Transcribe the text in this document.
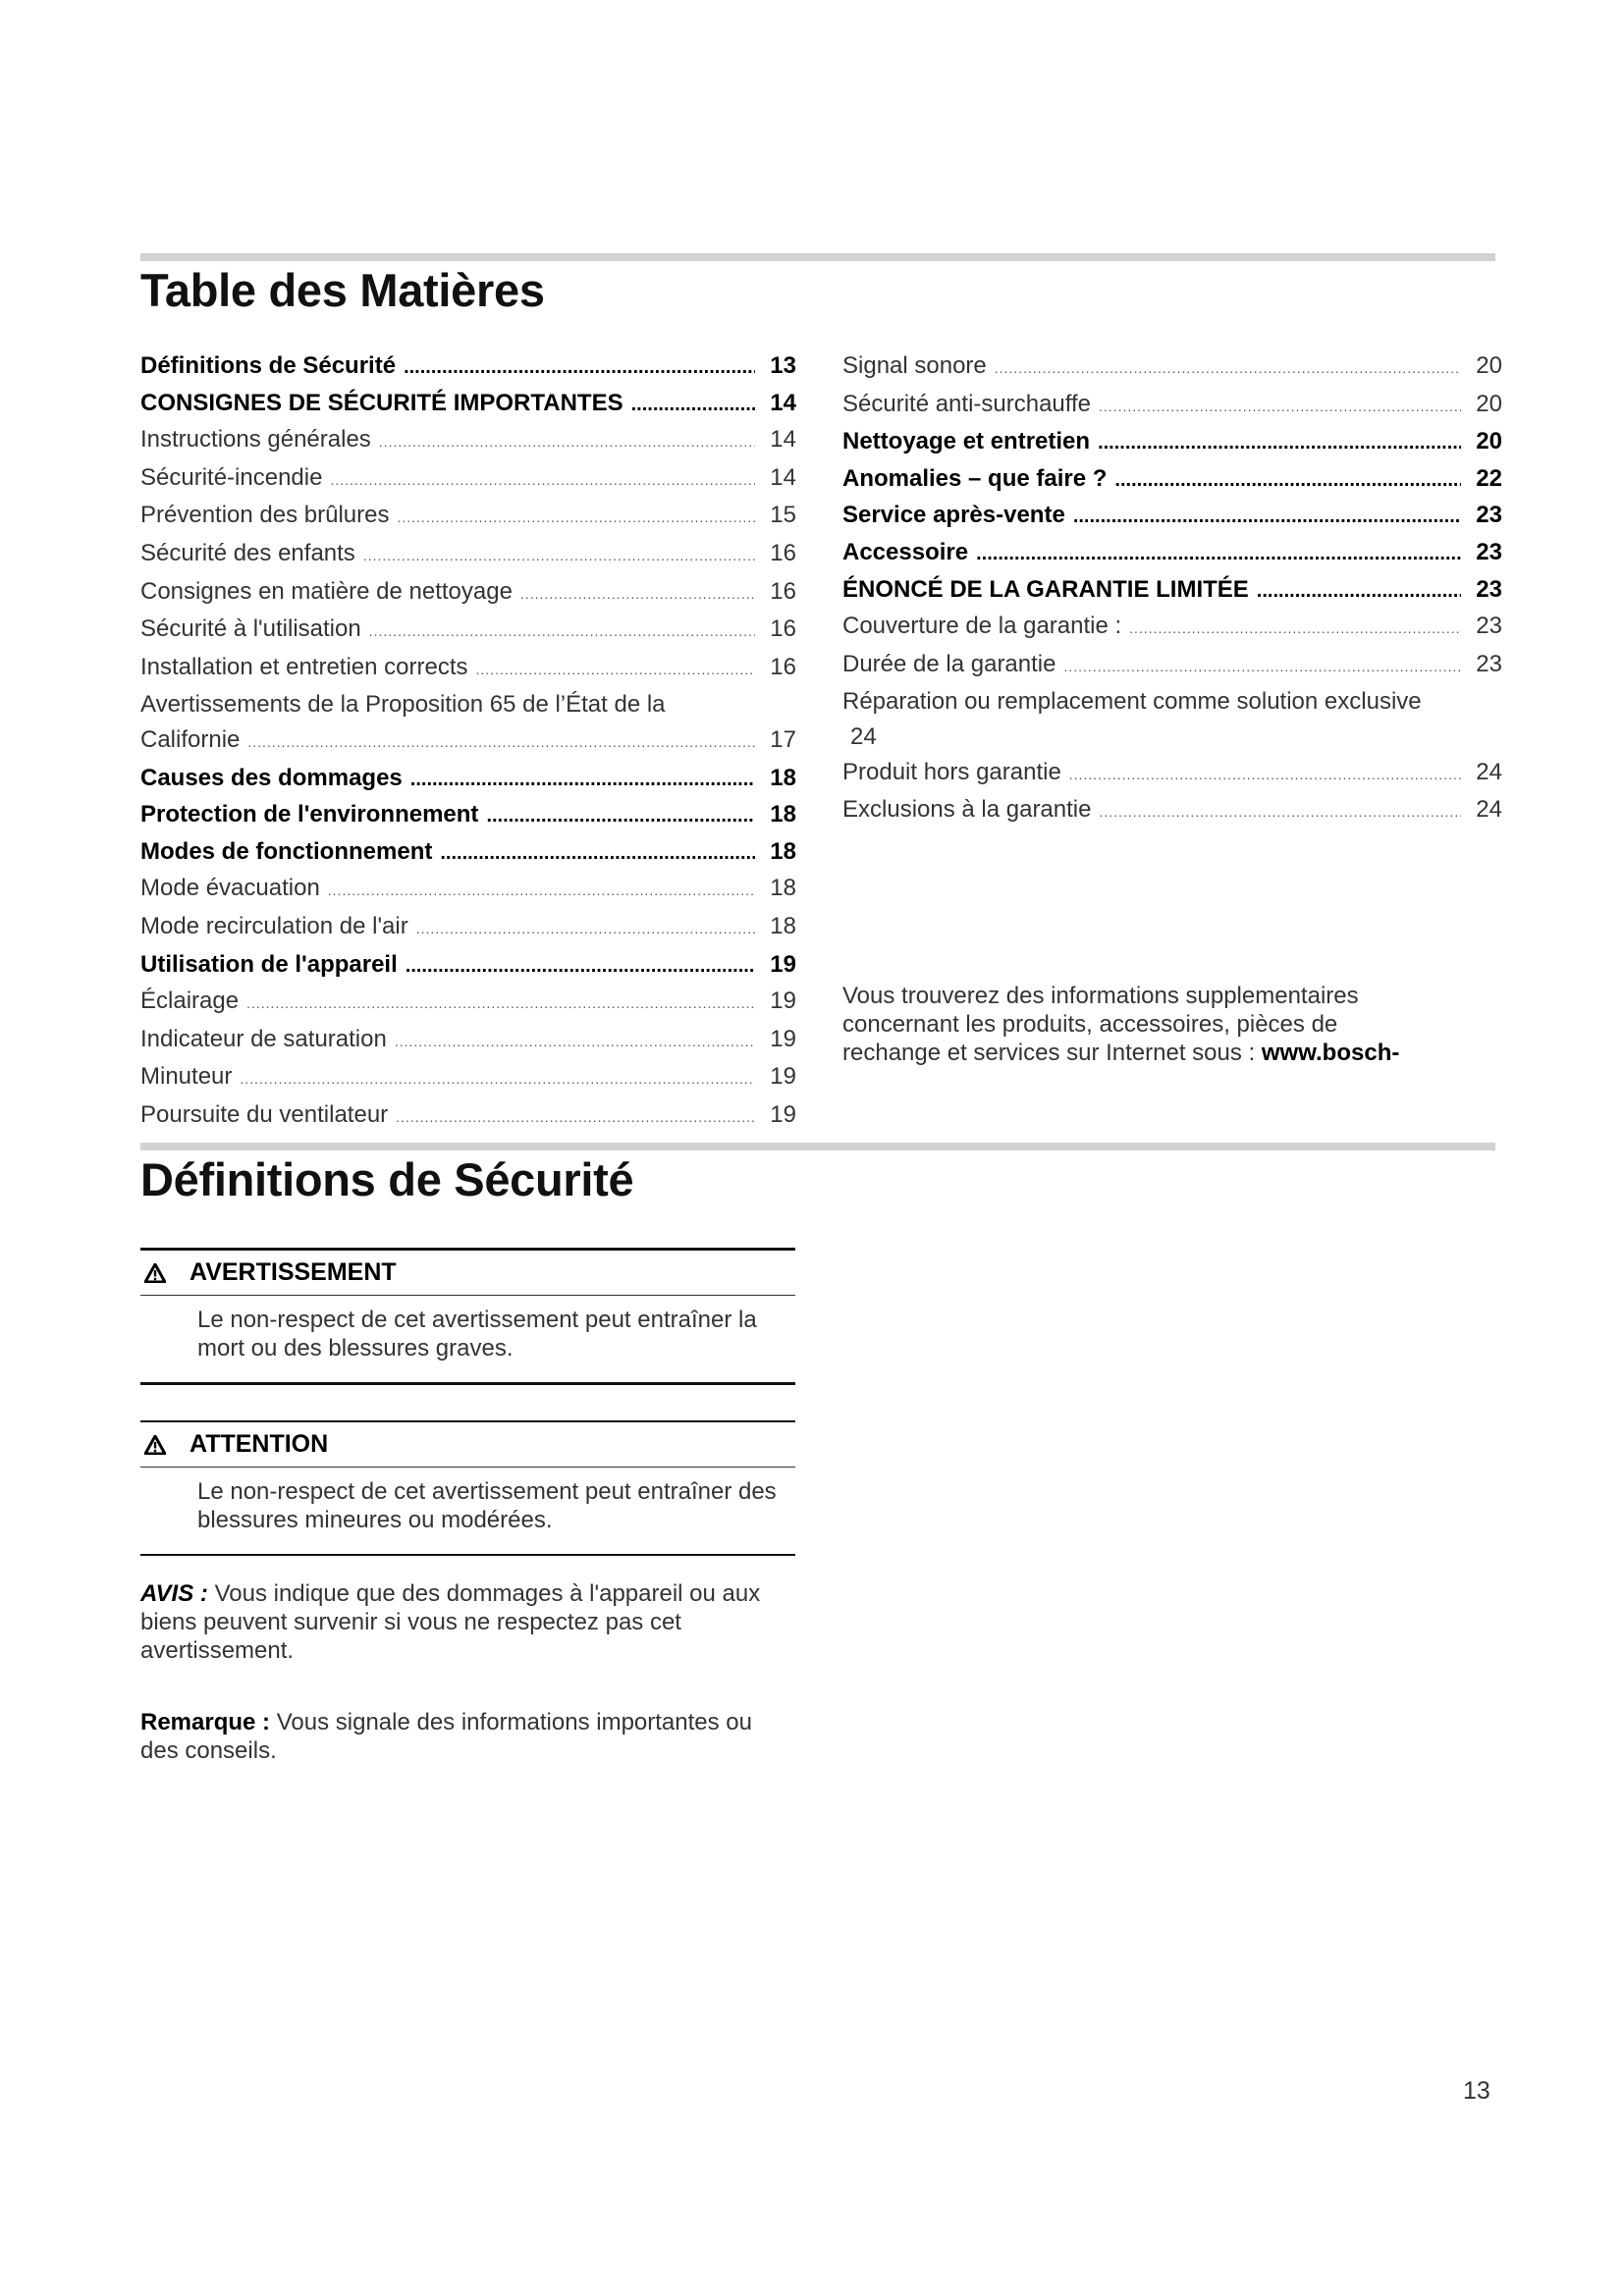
Table des Matières
Définitions de Sécurité .....	13
CONSIGNES DE SÉCURITÉ IMPORTANTES .....	14
Instructions générales .....	14
Sécurité-incendie .....	14
Prévention des brûlures .....	15
Sécurité des enfants .....	16
Consignes en matière de nettoyage .....	16
Sécurité à l'utilisation .....	16
Installation et entretien corrects .....	16
Avertissements de la Proposition 65 de l’État de la
Californie .....	17
Causes des dommages .....	18
Protection de l'environnement .....	18
Modes de fonctionnement .....	18
Mode évacuation .....	18
Mode recirculation de l'air .....	18
Utilisation de l'appareil .....	19
Éclairage .....	19
Indicateur de saturation .....	19
Minuteur .....	19
Poursuite du ventilateur .....	19
Signal sonore .....	20
Sécurité anti-surchauffe .....	20
Nettoyage et entretien .....	20
Anomalies – que faire ? .....	22
Service après-vente .....	23
Accessoire .....	23
ÉNONCÉ DE LA GARANTIE LIMITÉE .....	23
Couverture de la garantie : .....	23
Durée de la garantie .....	23
Réparation ou remplacement comme solution exclusive
24
Produit hors garantie .....	24
Exclusions à la garantie .....	24
Vous trouverez des informations supplementaires
concernant les produits, accessoires, pièces de
rechange et services sur Internet sous : www.bosch-
Définitions de Sécurité
AVERTISSEMENT
Le non-respect de cet avertissement peut entraîner la mort ou des blessures graves.
ATTENTION
Le non-respect de cet avertissement peut entraîner des blessures mineures ou modérées.

AVIS : Vous indique que des dommages à l'appareil ou aux biens peuvent survenir si vous ne respectez pas cet avertissement.

Remarque : Vous signale des informations importantes ou des conseils.

13
